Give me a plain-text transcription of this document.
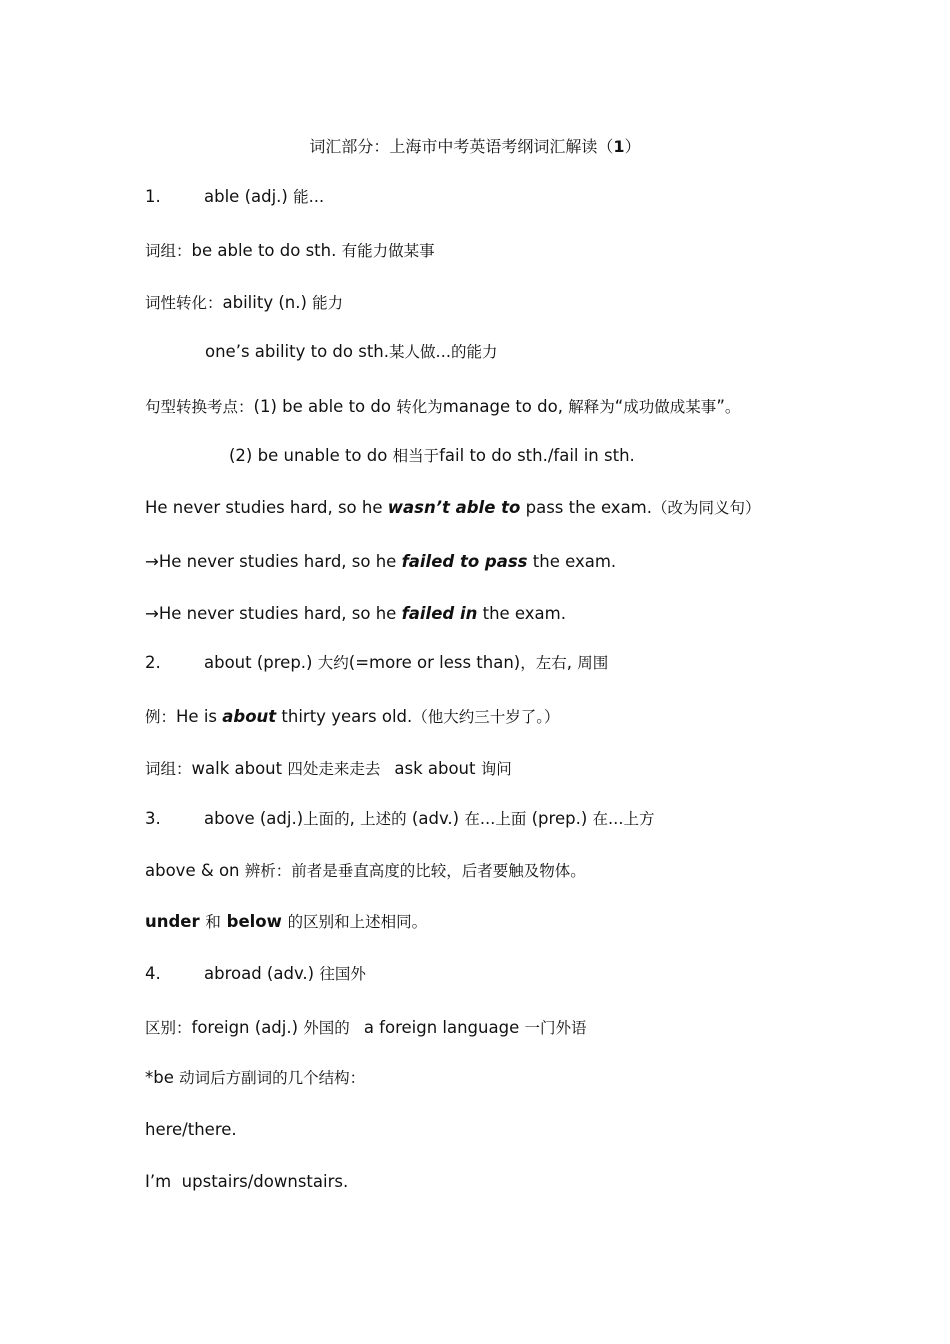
词汇部分：上海市中考英语考纲词汇解读（1）
1.	able (adj.) 能…
词组：be able to do sth. 有能力做某事
词性转化：ability (n.) 能力
one’s ability to do sth.某人做…的能力
句型转换考点：(1) be able to do 转化为manage to do, 解释为“成功做成某事”。
(2) be unable to do 相当于fail to do sth./fail in sth.
He never studies hard, so he wasn’t able to pass the exam.（改为同义句）
→He never studies hard, so he failed to pass the exam.
→He never studies hard, so he failed in the exam.
2.	about (prep.) 大约(=more or less than)，左右, 周围
例：He is about thirty years old.（他大约三十岁了。）
词组：walk about 四处走来走去 ask about 询问
3.	above (adj.)上面的, 上述的 (adv.) 在…上面 (prep.) 在…上方
above & on 辨析：前者是垂直高度的比较，后者要触及物体。
under 和 below 的区别和上述相同。
4.	abroad (adv.) 往国外
区别：foreign (adj.) 外国的 a foreign language 一门外语
*be 动词后方副词的几个结构：
here/there.
I’m  upstairs/downstairs.
